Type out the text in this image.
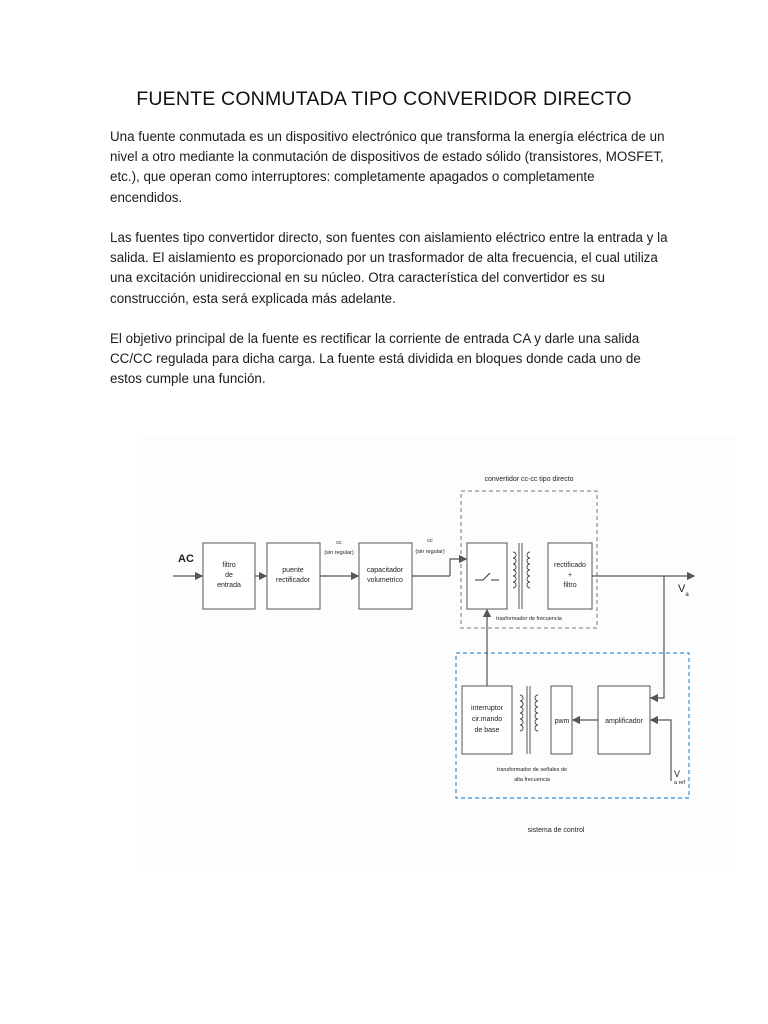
FUENTE CONMUTADA TIPO CONVERIDOR DIRECTO

Una fuente conmutada es un dispositivo electrónico que transforma la energía eléctrica de un nivel a otro mediante la conmutación de dispositivos de estado sólido (transistores, MOSFET, etc.), que operan como interruptores: completamente apagados o completamente encendidos.

Las fuentes tipo convertidor directo, son fuentes con aislamiento eléctrico entre la entrada y la salida. El aislamiento es proporcionado por un trasformador de alta frecuencia, el cual utiliza una excitación unidireccional en su núcleo. Otra característica del convertidor es su construcción, esta será explicada más adelante.

El objetivo principal de la fuente es rectificar la corriente de entrada CA y darle una salida CC/CC regulada para dicha carga. La fuente está dividida en bloques donde cada uno de estos cumple una función.

convertidor cc-cc tipo directo
sistema de control
AC
filtro
de
entrada
puente
rectificador
cc
(sin regular)
capacitador
volumetrico
cc
(sin regular)
trasformador de frecuencia
rectificado
+
filtro	$V_a$
amplificador
V a ref
pwm
transformador de señales de
alta frecuencia
interruptor
cir.mando
de base
